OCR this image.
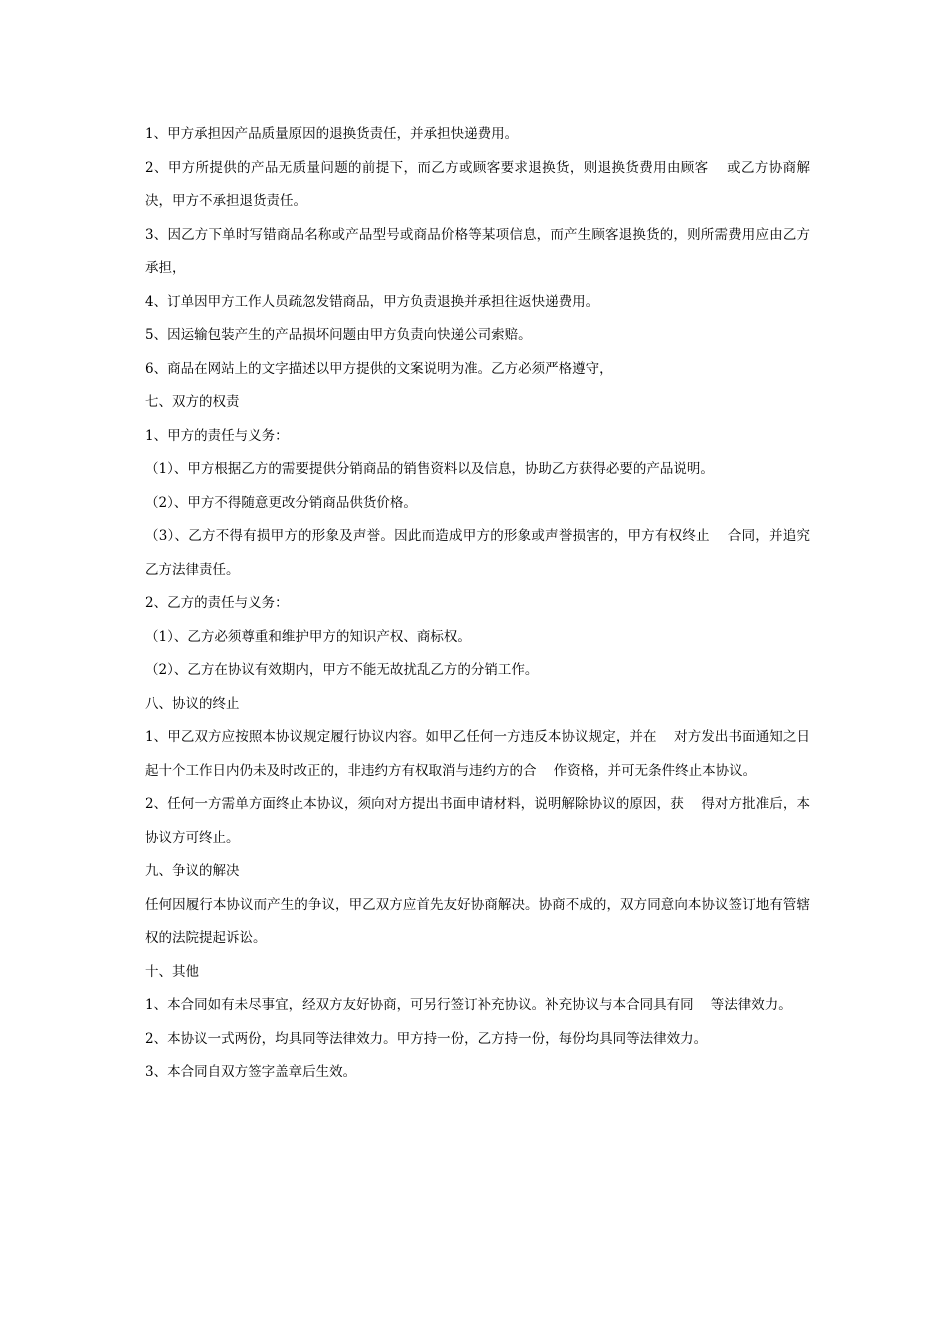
1、甲方承担因产品质量原因的退换货责任，并承担快递费用。

2、甲方所提供的产品无质量问题的前提下，而乙方或顾客要求退换货，则退换货费用由顾客    或乙方协商解决，甲方不承担退货责任。

3、因乙方下单时写错商品名称或产品型号或商品价格等某项信息，而产生顾客退换货的，则所需费用应由乙方承担，

4、订单因甲方工作人员疏忽发错商品，甲方负责退换并承担往返快递费用。

5、因运输包装产生的产品损坏问题由甲方负责向快递公司索赔。

6、商品在网站上的文字描述以甲方提供的文案说明为准。乙方必须严格遵守，

七、双方的权责

1、甲方的责任与义务：

（1）、甲方根据乙方的需要提供分销商品的销售资料以及信息，协助乙方获得必要的产品说明。

（2）、甲方不得随意更改分销商品供货价格。

（3）、乙方不得有损甲方的形象及声誉。因此而造成甲方的形象或声誉损害的，甲方有权终止    合同，并追究乙方法律责任。

2、乙方的责任与义务：

（1）、乙方必须尊重和维护甲方的知识产权、商标权。

（2）、乙方在协议有效期内，甲方不能无故扰乱乙方的分销工作。

八、协议的终止

1、甲乙双方应按照本协议规定履行协议内容。如甲乙任何一方违反本协议规定，并在    对方发出书面通知之日起十个工作日内仍未及时改正的，非违约方有权取消与违约方的合    作资格，并可无条件终止本协议。

2、任何一方需单方面终止本协议，须向对方提出书面申请材料，说明解除协议的原因，获    得对方批准后，本协议方可终止。

九、争议的解决

任何因履行本协议而产生的争议，甲乙双方应首先友好协商解决。协商不成的，双方同意向本协议签订地有管辖权的法院提起诉讼。

十、其他

1、本合同如有未尽事宜，经双方友好协商，可另行签订补充协议。补充协议与本合同具有同    等法律效力。

2、本协议一式两份，均具同等法律效力。甲方持一份，乙方持一份，每份均具同等法律效力。

3、本合同自双方签字盖章后生效。
